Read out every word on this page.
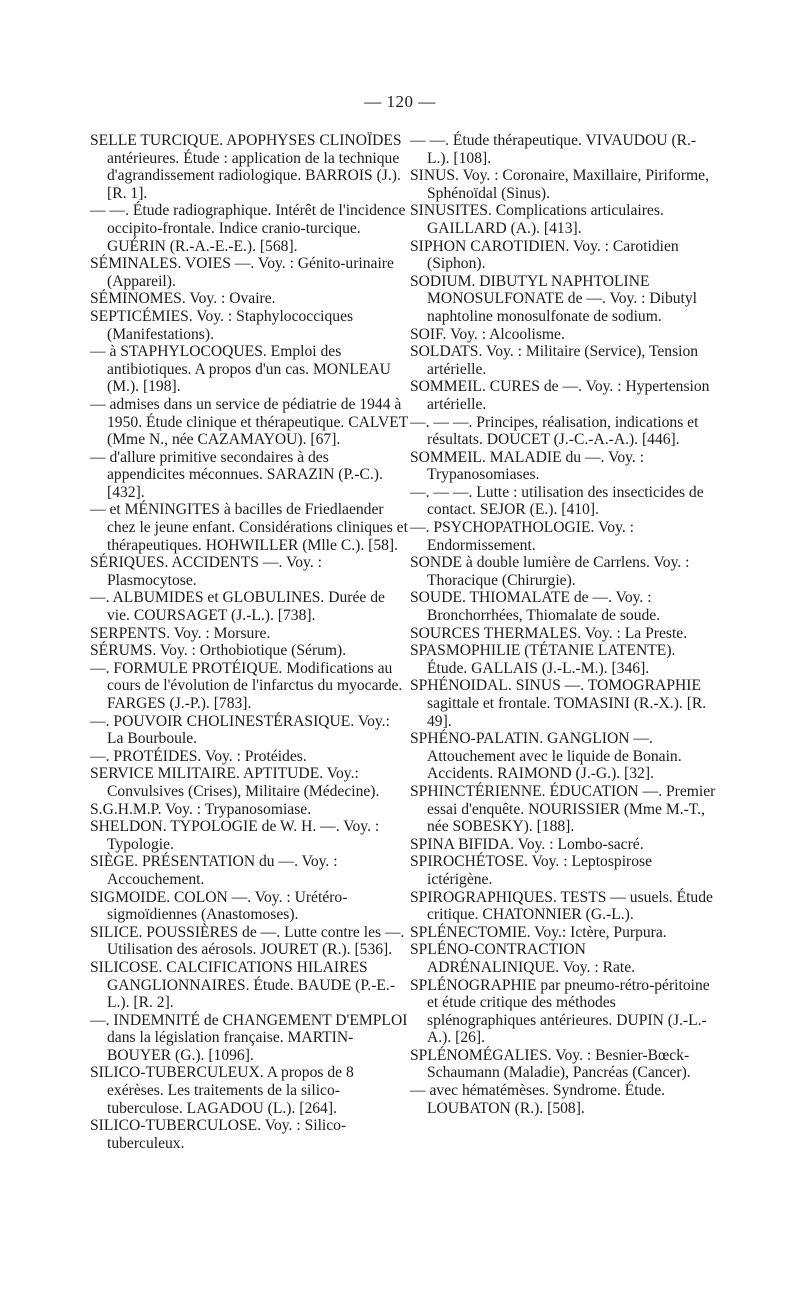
— 120 —

SELLE TURCIQUE. APOPHYSES CLINOÏDES antérieures. Étude : application de la technique d'agrandissement radiologique. BARROIS (J.). [R. 1].

— —. Étude radiographique. Intérêt de l'incidence occipito-frontale. Indice cranio-turcique. GUÉRIN (R.-A.-E.-E.). [568].

SÉMINALES. VOIES —. Voy. : Génito-urinaire (Appareil).

SÉMINOMES. Voy. : Ovaire.

SEPTICÉMIES. Voy. : Staphylococciques (Manifestations).

— à STAPHYLOCOQUES. Emploi des antibiotiques. A propos d'un cas. MONLEAU (M.). [198].

— admises dans un service de pédiatrie de 1944 à 1950. Étude clinique et thérapeutique. CALVET (Mme N., née CAZAMAYOU). [67].

— d'allure primitive secondaires à des appendicites méconnues. SARAZIN (P.-C.). [432].

— et MÉNINGITES à bacilles de Friedlaender chez le jeune enfant. Considérations cliniques et thérapeutiques. HOHWILLER (Mlle C.). [58].

SÉRIQUES. ACCIDENTS —. Voy. : Plasmocytose.

—. ALBUMIDES et GLOBULINES. Durée de vie. COURSAGET (J.-L.). [738].

SERPENTS. Voy. : Morsure.

SÉRUMS. Voy. : Orthobiotique (Sérum).

—. FORMULE PROTÉIQUE. Modifications au cours de l'évolution de l'infarctus du myocarde. FARGES (J.-P.). [783].

—. POUVOIR CHOLINESTÉRASIQUE. Voy.: La Bourboule.

—. PROTÉIDES. Voy. : Protéides.

SERVICE MILITAIRE. APTITUDE. Voy.: Convulsives (Crises), Militaire (Médecine).

S.G.H.M.P. Voy. : Trypanosomiase.

SHELDON. TYPOLOGIE de W. H. —. Voy. : Typologie.

SIÈGE. PRÉSENTATION du —. Voy. : Accouchement.

SIGMOIDE. COLON —. Voy. : Urétéro-sigmoïdiennes (Anastomoses).

SILICE. POUSSIÈRES de —. Lutte contre les —. Utilisation des aérosols. JOURET (R.). [536].

SILICOSE. CALCIFICATIONS HILAIRES GANGLIONNAIRES. Étude. BAUDE (P.-E.-L.). [R. 2].

—. INDEMNITÉ de CHANGEMENT D'EMPLOI dans la législation française. MARTIN-BOUYER (G.). [1096].

SILICO-TUBERCULEUX. A propos de 8 exérèses. Les traitements de la silico-tuberculose. LAGADOU (L.). [264].

SILICO-TUBERCULOSE. Voy. : Silico-tuberculeux.

— —. Étude thérapeutique. VIVAUDOU (R.-L.). [108].

SINUS. Voy. : Coronaire, Maxillaire, Piriforme, Sphénoïdal (Sinus).

SINUSITES. Complications articulaires. GAILLARD (A.). [413].

SIPHON CAROTIDIEN. Voy. : Carotidien (Siphon).

SODIUM. DIBUTYL NAPHTOLINE MONOSULFONATE de —. Voy. : Dibutyl naphtoline monosulfonate de sodium.

SOIF. Voy. : Alcoolisme.

SOLDATS. Voy. : Militaire (Service), Tension artérielle.

SOMMEIL. CURES de —. Voy. : Hypertension artérielle.

—. — —. Principes, réalisation, indications et résultats. DOUCET (J.-C.-A.-A.). [446].

SOMMEIL. MALADIE du —. Voy. : Trypanosomiases.

—. — —. Lutte : utilisation des insecticides de contact. SEJOR (E.). [410].

—. PSYCHOPATHOLOGIE. Voy. : Endormissement.

SONDE à double lumière de Carrlens. Voy. : Thoracique (Chirurgie).

SOUDE. THIOMALATE de —. Voy. : Bronchorrhées, Thiomalate de soude.

SOURCES THERMALES. Voy. : La Preste.

SPASMOPHILIE (TÉTANIE LATENTE). Étude. GALLAIS (J.-L.-M.). [346].

SPHÉNOIDAL. SINUS —. TOMOGRAPHIE sagittale et frontale. TOMASINI (R.-X.). [R. 49].

SPHÉNO-PALATIN. GANGLION —. Attouchement avec le liquide de Bonain. Accidents. RAIMOND (J.-G.). [32].

SPHINCTÉRIENNE. ÉDUCATION —. Premier essai d'enquête. NOURISSIER (Mme M.-T., née SOBESKY). [188].

SPINA BIFIDA. Voy. : Lombo-sacré.

SPIROCHÉTOSE. Voy. : Leptospirose ictérigène.

SPIROGRAPHIQUES. TESTS — usuels. Étude critique. CHATONNIER (G.-L.).

SPLÉNECTOMIE. Voy.: Ictère, Purpura.

SPLÉNO-CONTRACTION ADRÉNALINIQUE. Voy. : Rate.

SPLÉNOGRAPHIE par pneumo-rétro-péritoine et étude critique des méthodes splénographiques antérieures. DUPIN (J.-L.-A.). [26].

SPLÉNOMÉGALIES. Voy. : Besnier-Bœck-Schaumann (Maladie), Pancréas (Cancer).

— avec hématémèses. Syndrome. Étude. LOUBATON (R.). [508].
